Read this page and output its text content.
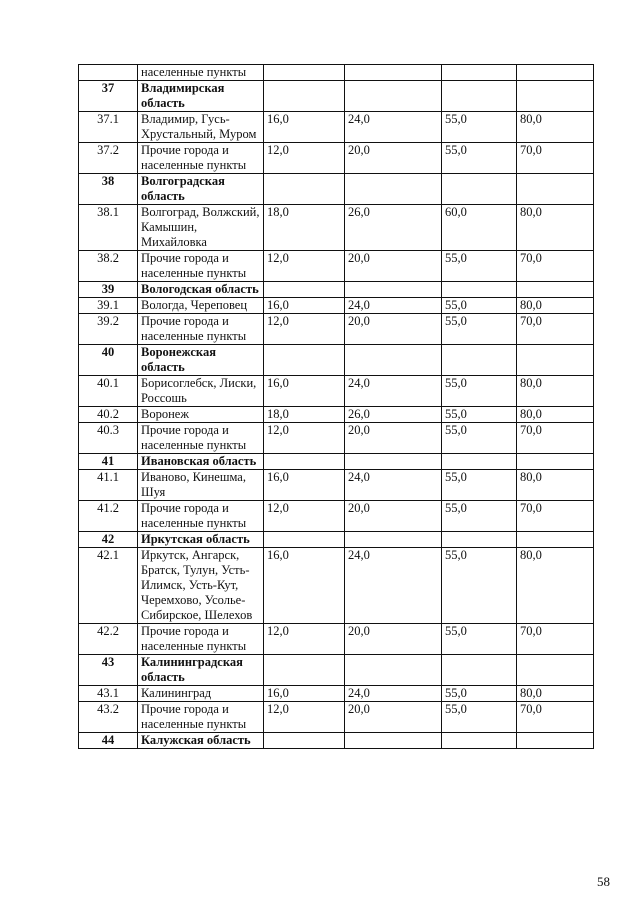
	населенные пункты				
37	Владимирская область				
37.1	Владимир, Гусь-Хрустальный, Муром	16,0	24,0	55,0	80,0
37.2	Прочие города и населенные пункты	12,0	20,0	55,0	70,0
38	Волгоградская область				
38.1	Волгоград, Волжский, Камышин, Михайловка	18,0	26,0	60,0	80,0
38.2	Прочие города и населенные пункты	12,0	20,0	55,0	70,0
39	Вологодская область				
39.1	Вологда, Череповец	16,0	24,0	55,0	80,0
39.2	Прочие города и населенные пункты	12,0	20,0	55,0	70,0
40	Воронежская область				
40.1	Борисоглебск, Лиски, Россошь	16,0	24,0	55,0	80,0
40.2	Воронеж	18,0	26,0	55,0	80,0
40.3	Прочие города и населенные пункты	12,0	20,0	55,0	70,0
41	Ивановская область				
41.1	Иваново, Кинешма, Шуя	16,0	24,0	55,0	80,0
41.2	Прочие города и населенные пункты	12,0	20,0	55,0	70,0
42	Иркутская область				
42.1	Иркутск, Ангарск, Братск, Тулун, Усть-Илимск, Усть-Кут, Черемхово, Усолье-Сибирское, Шелехов	16,0	24,0	55,0	80,0
42.2	Прочие города и населенные пункты	12,0	20,0	55,0	70,0
43	Калининградская область				
43.1	Калининград	16,0	24,0	55,0	80,0
43.2	Прочие города и населенные пункты	12,0	20,0	55,0	70,0
44	Калужская область				
58
